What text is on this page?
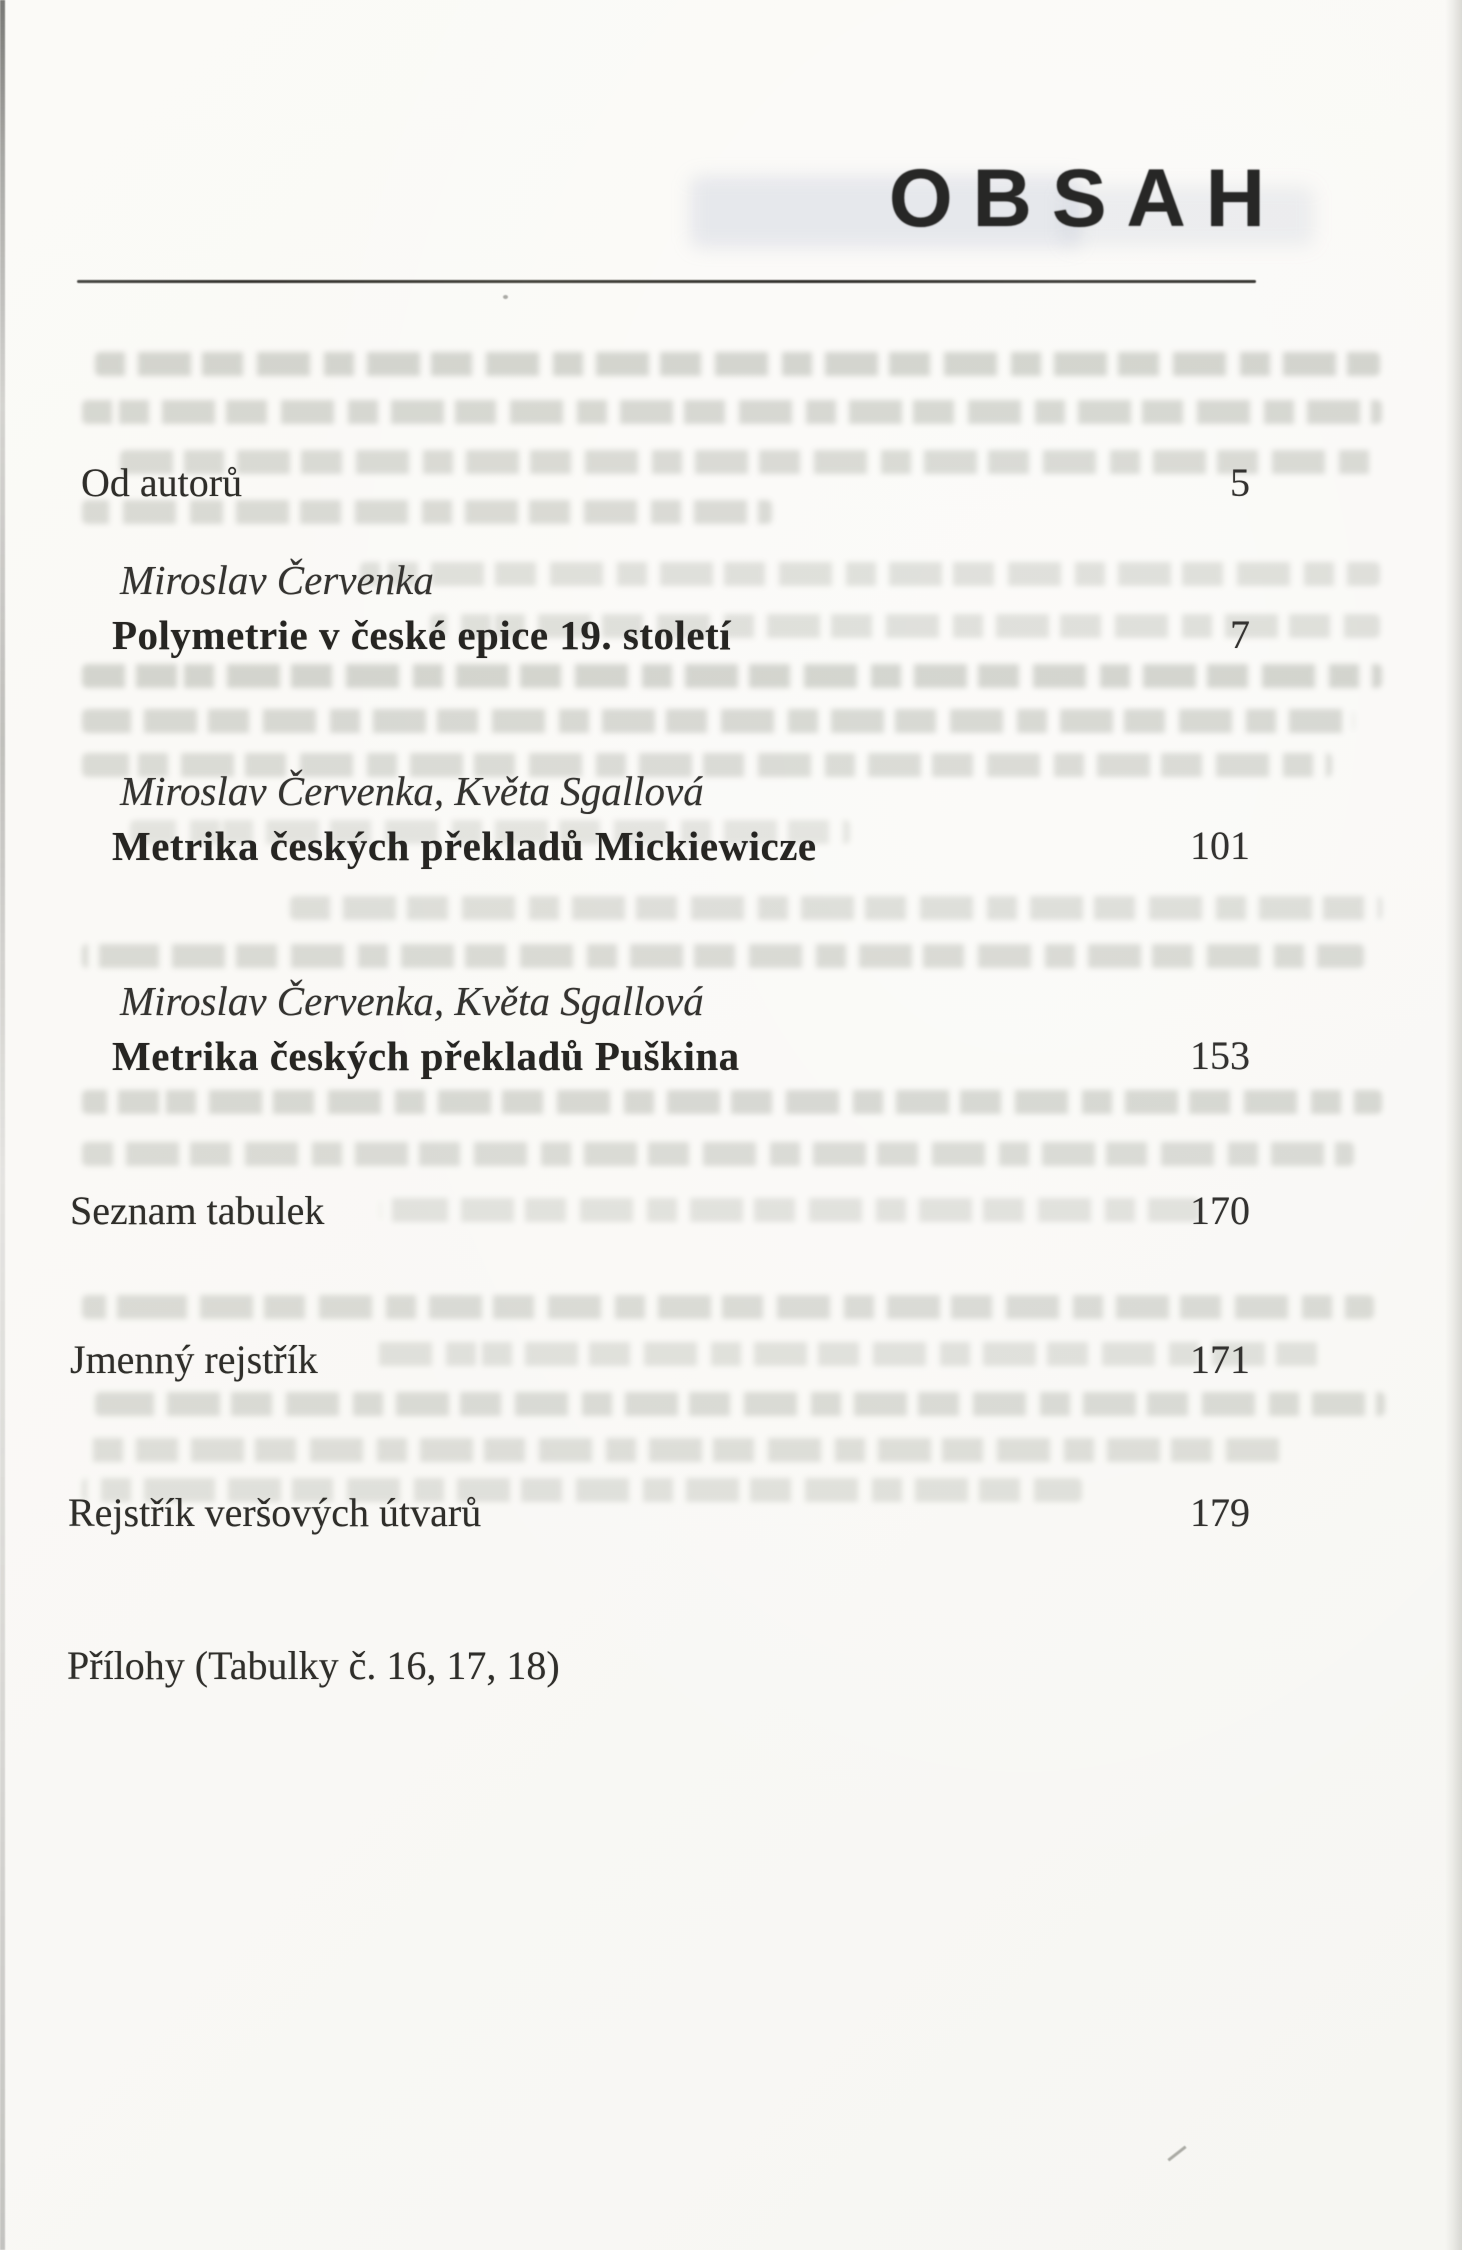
OBSAH
Od autorů	5
Miroslav Červenka
Polymetrie v české epice 19. století	7
Miroslav Červenka, Květa Sgallová
Metrika českých překladů Mickiewicze	101
Miroslav Červenka, Květa Sgallová
Metrika českých překladů Puškina	153
Seznam tabulek	170
Jmenný rejstřík	171
Rejstřík veršových útvarů	179
Přílohy (Tabulky č. 16, 17, 18)
